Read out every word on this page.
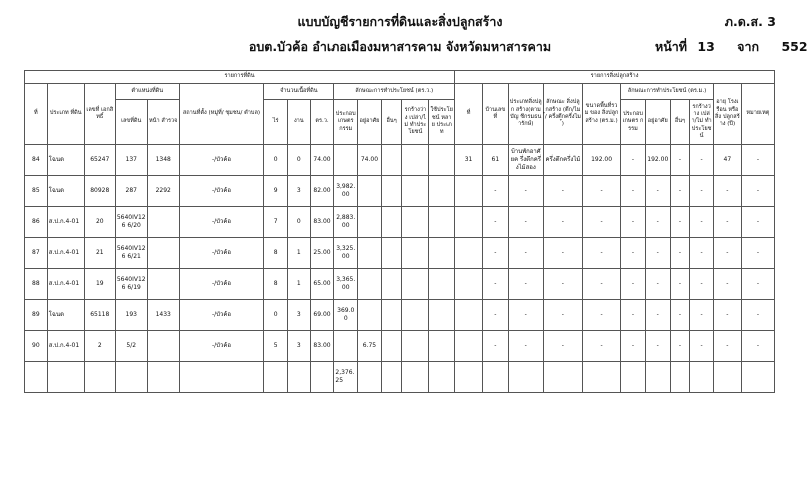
ภ.ด.ส. 3
แบบบัญชีรายการที่ดินและสิ่งปลูกสร้าง
อบต.บัวค้อ อำเภอเมืองมหาสารคาม จังหวัดมหาสารคาม	หน้าที่ 13 จาก 552
รายการที่ดิน														รายการสิ่งปลูกสร้าง										
ที่	ประเภท ที่ดิน	เลขที่ เอกสิทธิ์	ตำแหน่งที่ดิน		สถานที่ตั้ง (หมู่ที่/ ชุมชน/ ตำบล)	จำนวนเนื้อที่ดิน			ลักษณะการทำประโยชน์ (ตร.ว.)					ที่	บ้านเลขที่	ประเภทสิ่งปลูก สร้าง(ตามบัญ ชีกรมธนารักษ์)	ลักษณะ สิ่งปลูกสร้าง (ตึก/ไม้/ ครึ่งตึกครึ่งไม้)	ขนาดพื้นที่รวม ของ สิ่งปลูกสร้าง (ตร.ม.)	ลักษณะการทำประโยชน์ (ตร.ม.)				อายุ โรงเรือน หรือสิ่ง ปลูกสร้าง (ปี)	หมายเหตุ
			เลขที่ดิน	หน้า สำรวจ		ไร่	งาน	ตร.ว.	ประกอบ เกษตร กรรม	อยู่อาศัย	อื่นๆ	รกร้างว่าง เปล่า/ไม่ ทำประโยชน์	ใช้ประโยชน์ หลาย ประเภท						ประกอบ เกษตร กรรม	อยู่อาศัย	อื่นๆ	รกร้างว่าง เปล่า/ไม่ ทำประโยชน์		
84	โฉนด	65247	137	1348	-/บัวค้อ	0	0	74.00		74.00				31	61	บ้านพักอาศัยค รึ่งตึกครึ่งไม้สอง	ครึ่งตึกครึ่งไม้	192.00	-	192.00	-	-	47	-
85	โฉนด	80928	287	2292	-/บัวค้อ	9	3	82.00	3,982.00						-	-	-	-	-	-	-	-	-	-
86	ส.ป.ก.4-01	20	5640IV126 6/20		-/บัวค้อ	7	0	83.00	2,883.00						-	-	-	-	-	-	-	-	-	-
87	ส.ป.ก.4-01	21	5640IV126 6/21		-/บัวค้อ	8	1	25.00	3,325.00						-	-	-	-	-	-	-	-	-	-
88	ส.ป.ก.4-01	19	5640IV126 6/19		-/บัวค้อ	8	1	65.00	3,365.00						-	-	-	-	-	-	-	-	-	-
89	โฉนด	65118	193	1433	-/บัวค้อ	0	3	69.00	369.00						-	-	-	-	-	-	-	-	-	-
90	ส.ป.ก.4-01	2	5/2		-/บัวค้อ	5	3	83.00		6.75					-	-	-	-	-	-	-	-	-	-
									2,376.25															
